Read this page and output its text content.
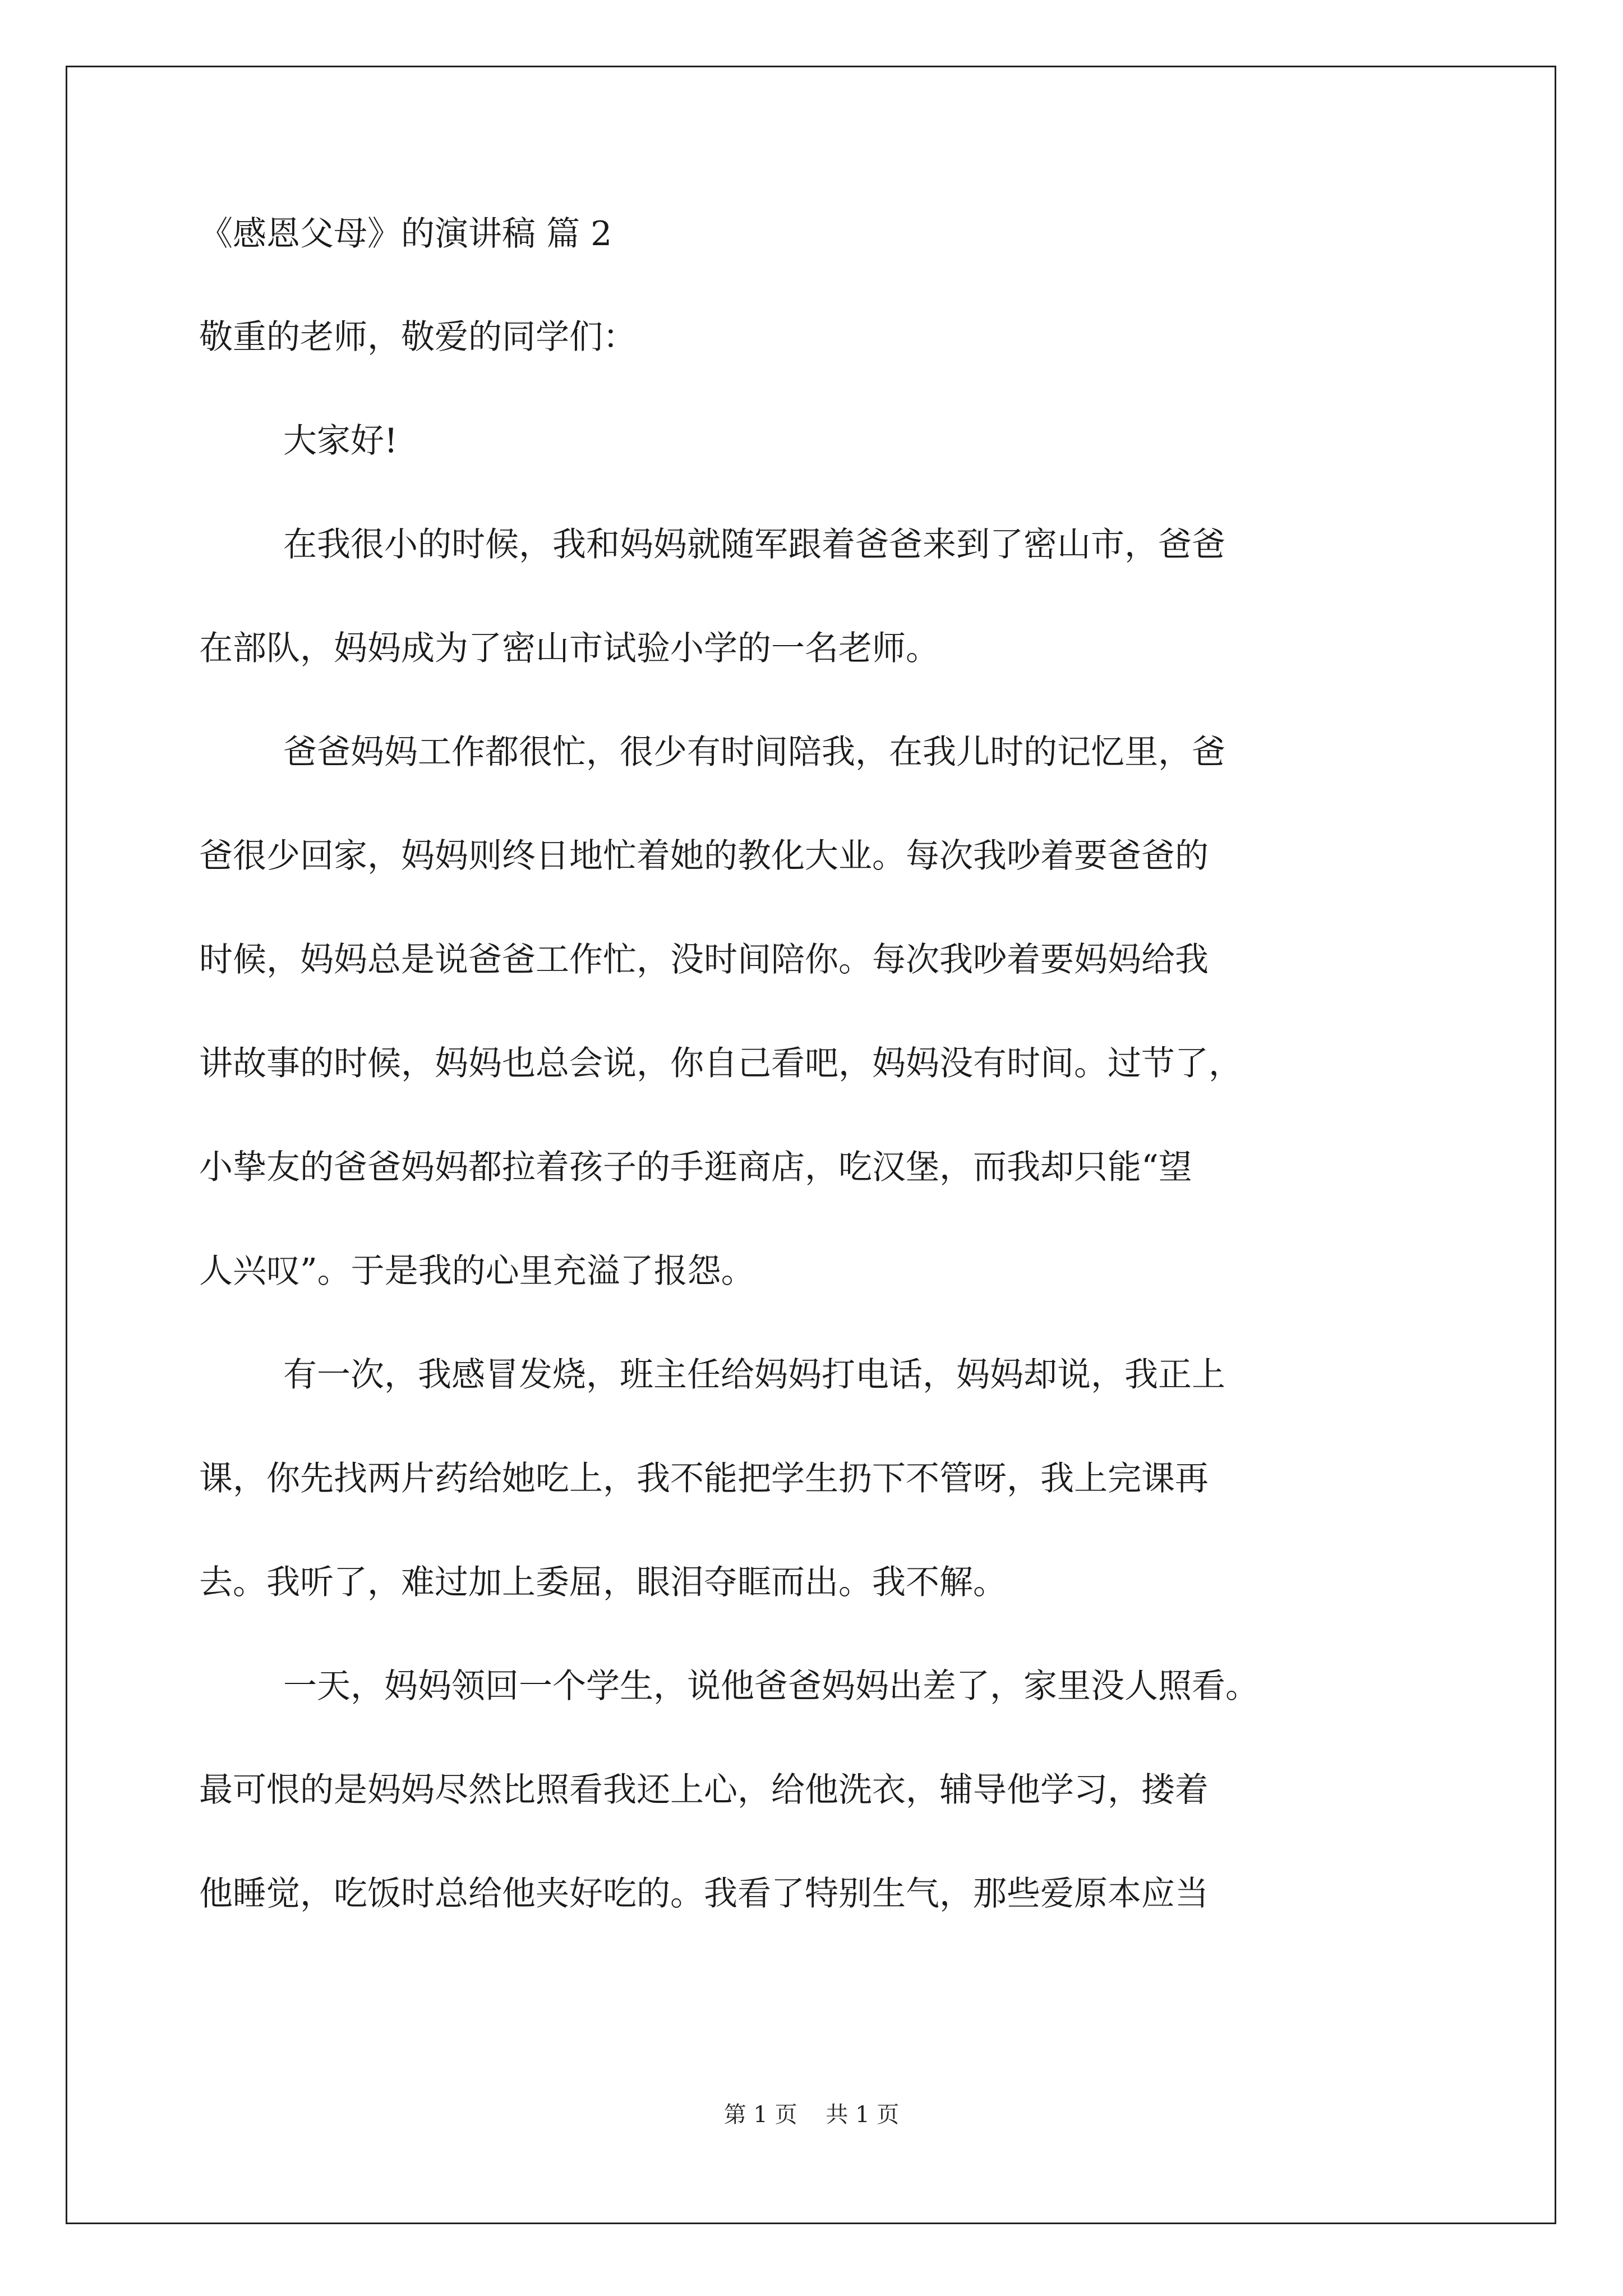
《感恩父母》的演讲稿 篇 2

敬重的老师，敬爱的同学们：

大家好!

在我很小的时候，我和妈妈就随军跟着爸爸来到了密山市，爸爸

在部队，妈妈成为了密山市试验小学的一名老师。

爸爸妈妈工作都很忙，很少有时间陪我，在我儿时的记忆里，爸

爸很少回家，妈妈则终日地忙着她的教化大业。每次我吵着要爸爸的

时候，妈妈总是说爸爸工作忙，没时间陪你。每次我吵着要妈妈给我

讲故事的时候，妈妈也总会说，你自己看吧，妈妈没有时间。过节了，

小挚友的爸爸妈妈都拉着孩子的手逛商店，吃汉堡，而我却只能“望

人兴叹”。于是我的心里充溢了报怨。

有一次，我感冒发烧，班主任给妈妈打电话，妈妈却说，我正上

课，你先找两片药给她吃上，我不能把学生扔下不管呀，我上完课再

去。我听了，难过加上委屈，眼泪夺眶而出。我不解。

一天，妈妈领回一个学生，说他爸爸妈妈出差了，家里没人照看。

最可恨的是妈妈尽然比照看我还上心，给他洗衣，辅导他学习，搂着

他睡觉，吃饭时总给他夹好吃的。我看了特别生气，那些爱原本应当

第 1 页    共 1 页
